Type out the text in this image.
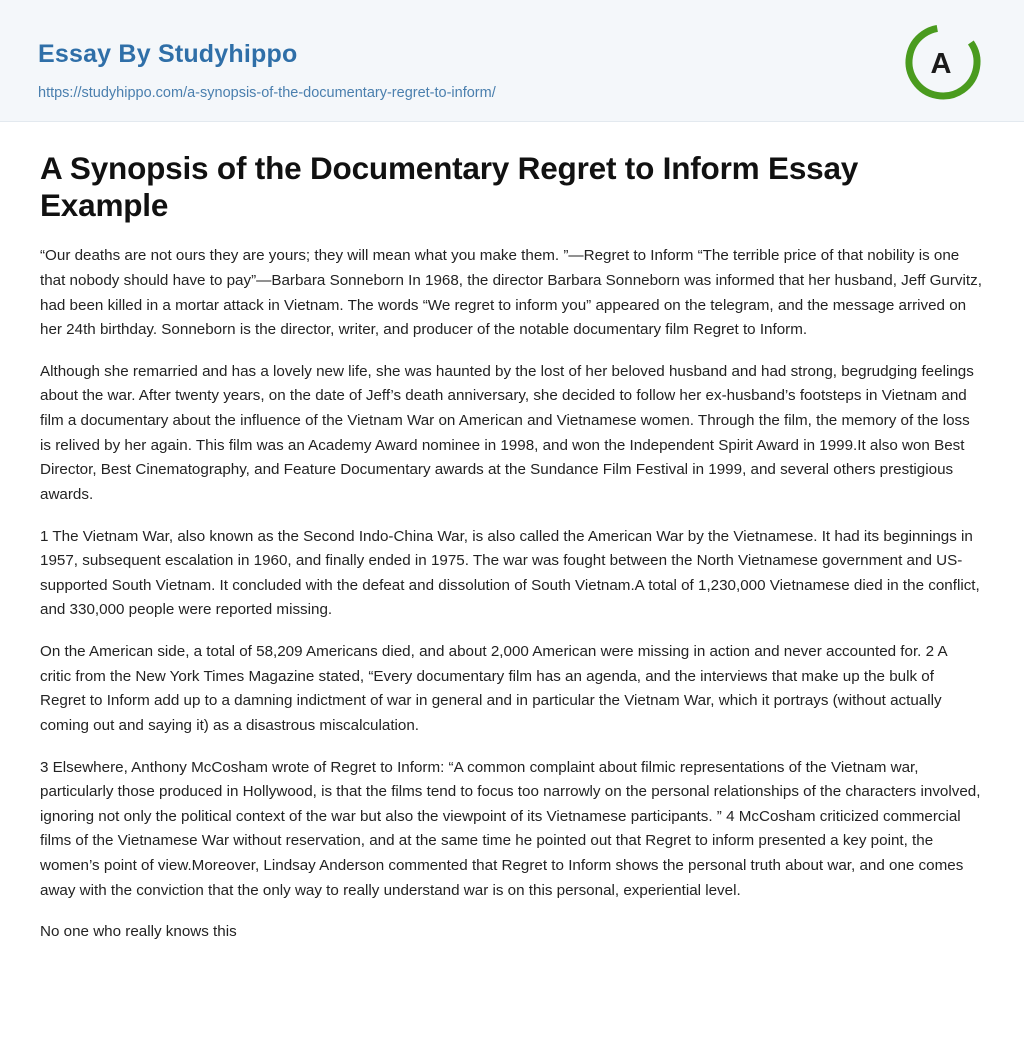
Essay By Studyhippo
https://studyhippo.com/a-synopsis-of-the-documentary-regret-to-inform/
A
A Synopsis of the Documentary Regret to Inform Essay Example

“Our deaths are not ours they are yours; they will mean what you make them. ”—Regret to Inform “The terrible price of that nobility is one that nobody should have to pay”—Barbara Sonneborn In 1968, the director Barbara Sonneborn was informed that her husband, Jeff Gurvitz, had been killed in a mortar attack in Vietnam. The words “We regret to inform you” appeared on the telegram, and the message arrived on her 24th birthday. Sonneborn is the director, writer, and producer of the notable documentary film Regret to Inform.

Although she remarried and has a lovely new life, she was haunted by the lost of her beloved husband and had strong, begrudging feelings about the war. After twenty years, on the date of Jeff’s death anniversary, she decided to follow her ex-husband’s footsteps in Vietnam and film a documentary about the influence of the Vietnam War on American and Vietnamese women. Through the film, the memory of the loss is relived by her again. This film was an Academy Award nominee in 1998, and won the Independent Spirit Award in 1999.It also won Best Director, Best Cinematography, and Feature Documentary awards at the Sundance Film Festival in 1999, and several others prestigious awards.

1 The Vietnam War, also known as the Second Indo-China War, is also called the American War by the Vietnamese. It had its beginnings in 1957, subsequent escalation in 1960, and finally ended in 1975. The war was fought between the North Vietnamese government and US-supported South Vietnam. It concluded with the defeat and dissolution of South Vietnam.A total of 1,230,000 Vietnamese died in the conflict, and 330,000 people were reported missing.

On the American side, a total of 58,209 Americans died, and about 2,000 American were missing in action and never accounted for. 2 A critic from the New York Times Magazine stated, “Every documentary film has an agenda, and the interviews that make up the bulk of Regret to Inform add up to a damning indictment of war in general and in particular the Vietnam War, which it portrays (without actually coming out and saying it) as a disastrous miscalculation.

3 Elsewhere, Anthony McCosham wrote of Regret to Inform: “A common complaint about filmic representations of the Vietnam war, particularly those produced in Hollywood, is that the films tend to focus too narrowly on the personal relationships of the characters involved, ignoring not only the political context of the war but also the viewpoint of its Vietnamese participants. ” 4 McCosham criticized commercial films of the Vietnamese War without reservation, and at the same time he pointed out that Regret to inform presented a key point, the women’s point of view.Moreover, Lindsay Anderson commented that Regret to Inform shows the personal truth about war, and one comes away with the conviction that the only way to really understand war is on this personal, experiential level.

No one who really knows this
